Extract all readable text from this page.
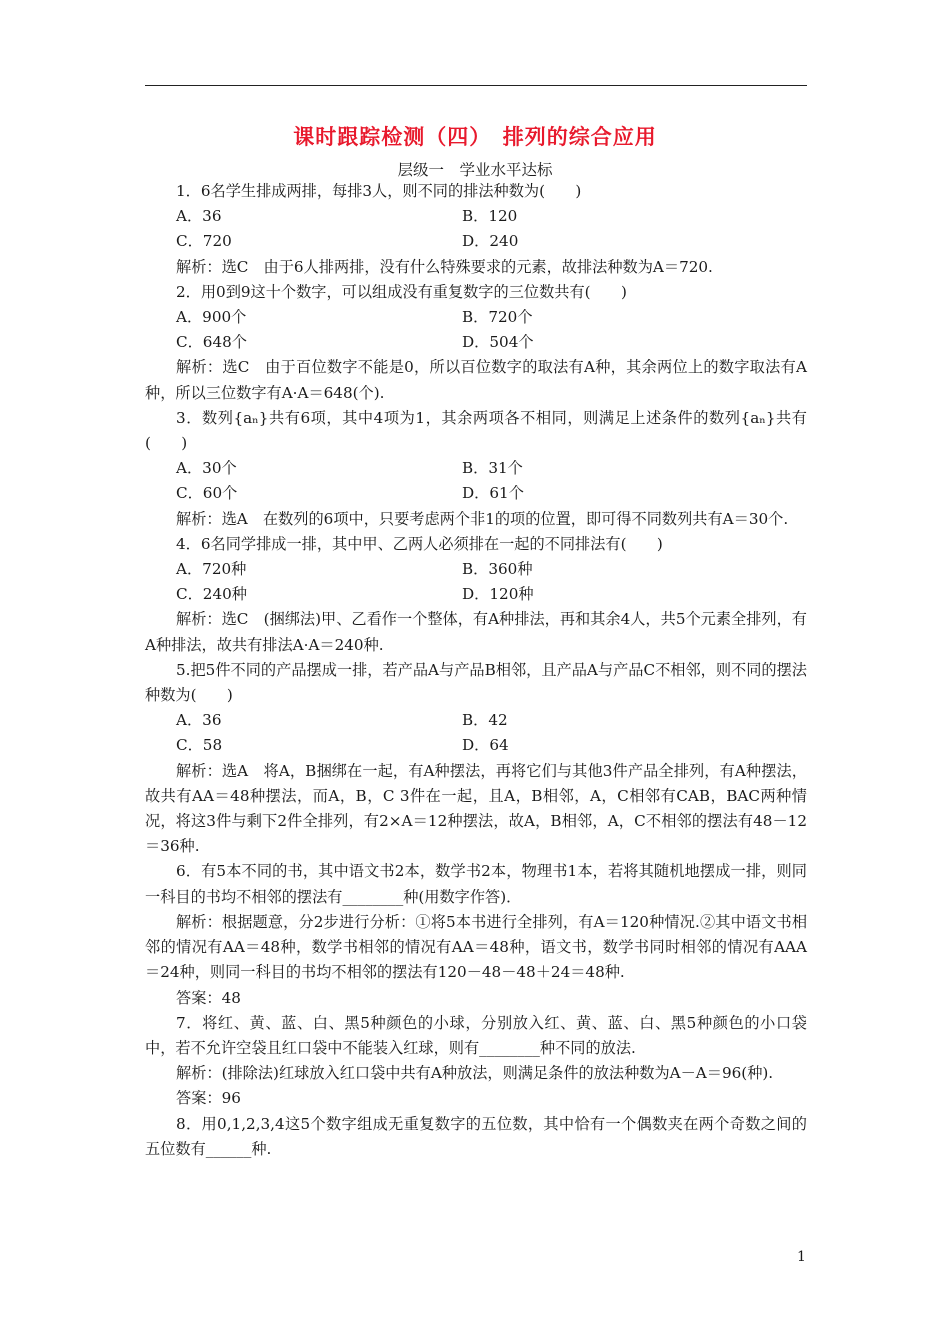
课时跟踪检测（四）　排列的综合应用
层级一　学业水平达标

1．6名学生排成两排，每排3人，则不同的排法种数为(　　)

A．36	B．120
C．720	D．240

解析：选C　由于6人排两排，没有什么特殊要求的元素，故排法种数为A＝720.

2．用0到9这十个数字，可以组成没有重复数字的三位数共有(　　)

A．900个	B．720个
C．648个	D．504个

解析：选C　由于百位数字不能是0，所以百位数字的取法有A种，其余两位上的数字取法有A种，所以三位数字有A·A＝648(个).

3．数列{aₙ}共有6项，其中4项为1，其余两项各不相同，则满足上述条件的数列{aₙ}共有(　　)

A．30个	B．31个
C．60个	D．61个

解析：选A　在数列的6项中，只要考虑两个非1的项的位置，即可得不同数列共有A＝30个.

4．6名同学排成一排，其中甲、乙两人必须排在一起的不同排法有(　　)

A．720种	B．360种
C．240种	D．120种

解析：选C　(捆绑法)甲、乙看作一个整体，有A种排法，再和其余4人，共5个元素全排列，有A种排法，故共有排法A·A＝240种.

5.把5件不同的产品摆成一排，若产品A与产品B相邻，且产品A与产品C不相邻，则不同的摆法种数为(　　)

A．36	B．42
C．58	D．64

解析：选A　将A，B捆绑在一起，有A种摆法，再将它们与其他3件产品全排列，有A种摆法，故共有AA＝48种摆法，而A，B，C 3件在一起，且A，B相邻，A，C相邻有CAB，BAC两种情况，将这3件与剩下2件全排列，有2×A＝12种摆法，故A，B相邻，A，C不相邻的摆法有48－12＝36种.

6．有5本不同的书，其中语文书2本，数学书2本，物理书1本，若将其随机地摆成一排，则同一科目的书均不相邻的摆法有________种(用数字作答)．

解析：根据题意，分2步进行分析：①将5本书进行全排列，有A＝120种情况.②其中语文书相邻的情况有AA＝48种，数学书相邻的情况有AA＝48种，语文书，数学书同时相邻的情况有AAA＝24种，则同一科目的书均不相邻的摆法有120－48－48＋24＝48种.

答案：48

7．将红、黄、蓝、白、黑5种颜色的小球，分别放入红、黄、蓝、白、黑5种颜色的小口袋中，若不允许空袋且红口袋中不能装入红球，则有________种不同的放法.

解析：(排除法)红球放入红口袋中共有A种放法，则满足条件的放法种数为A－A＝96(种).

答案：96

8．用0,1,2,3,4这5个数字组成无重复数字的五位数，其中恰有一个偶数夹在两个奇数之间的五位数有______种.

1
